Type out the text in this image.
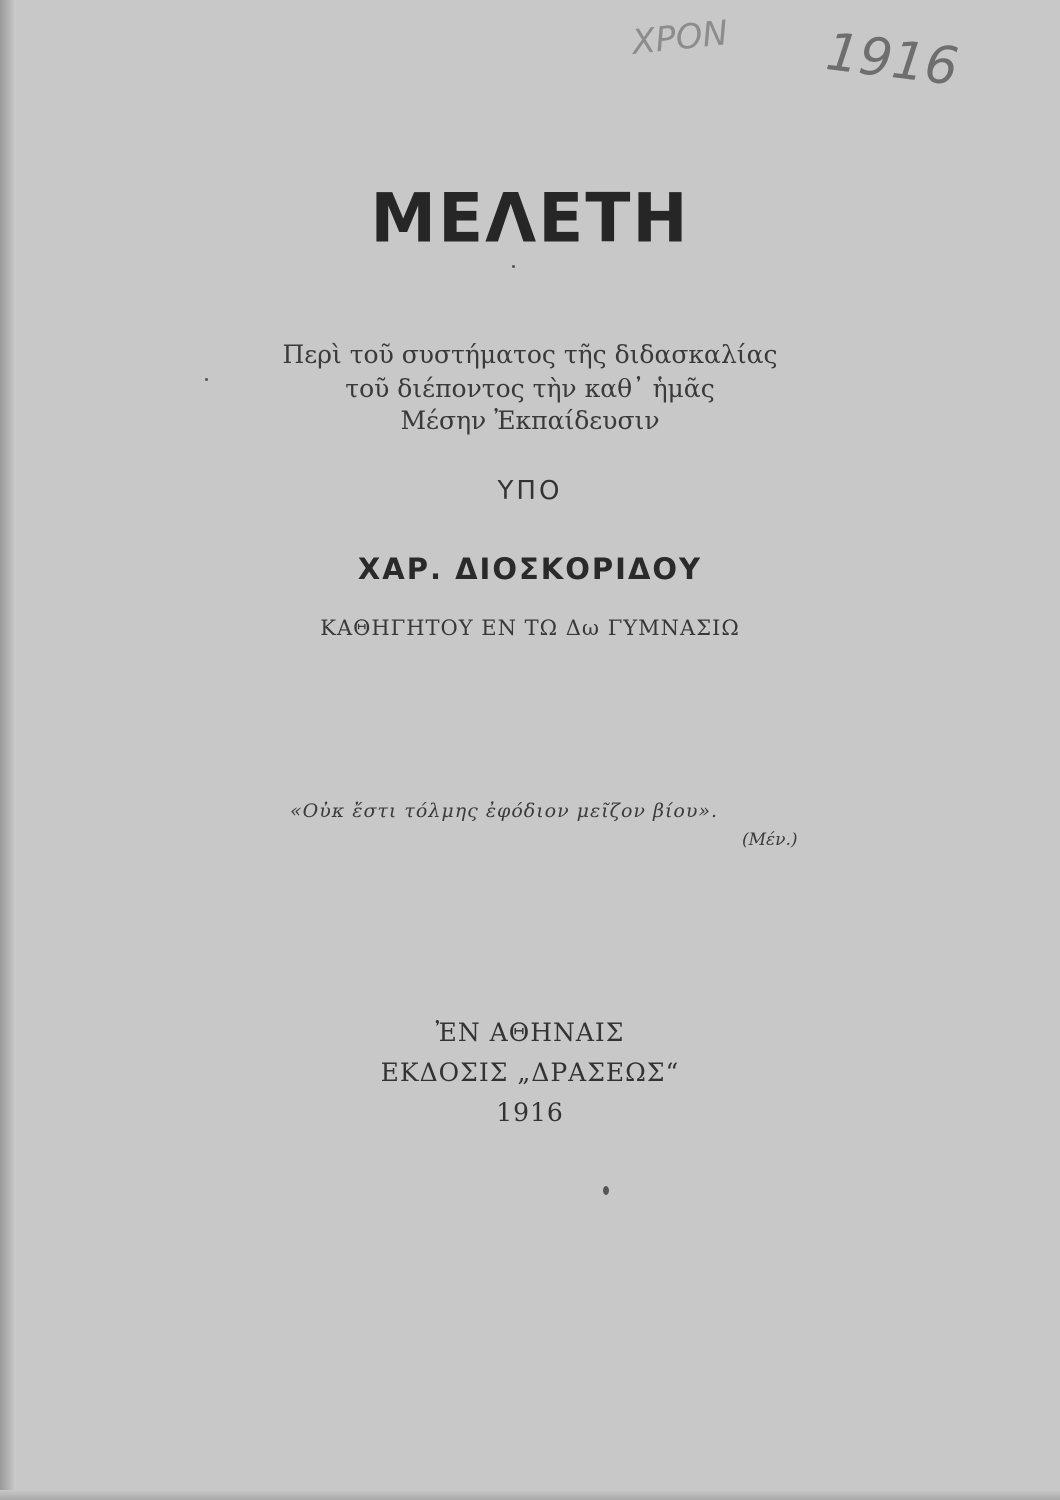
ΧΡΟΝ 1916
ΜΕΛΕΤΗ
Περὶ τοῦ συστήματος τῆς διδασκαλίας
τοῦ διέποντος τὴν καθ᾽ ἡμᾶς
Μέσην Ἐκπαίδευσιν
ΥΠΟ
ΧΑΡ. ΔΙΟΣΚΟΡΙΔΟΥ
ΚΑΘΗΓΗΤΟΥ ΕΝ ΤΩ Δω ΓΥΜΝΑΣΙΩ
«Οὐκ ἔστι τόλμης ἐφόδιον μεῖζον βίου».
(Μέν.)
ἘΝ ΑΘΗΝΑΙΣ
ΕΚΔΟΣΙΣ „ΔΡΑΣΕΩΣ“
1916
